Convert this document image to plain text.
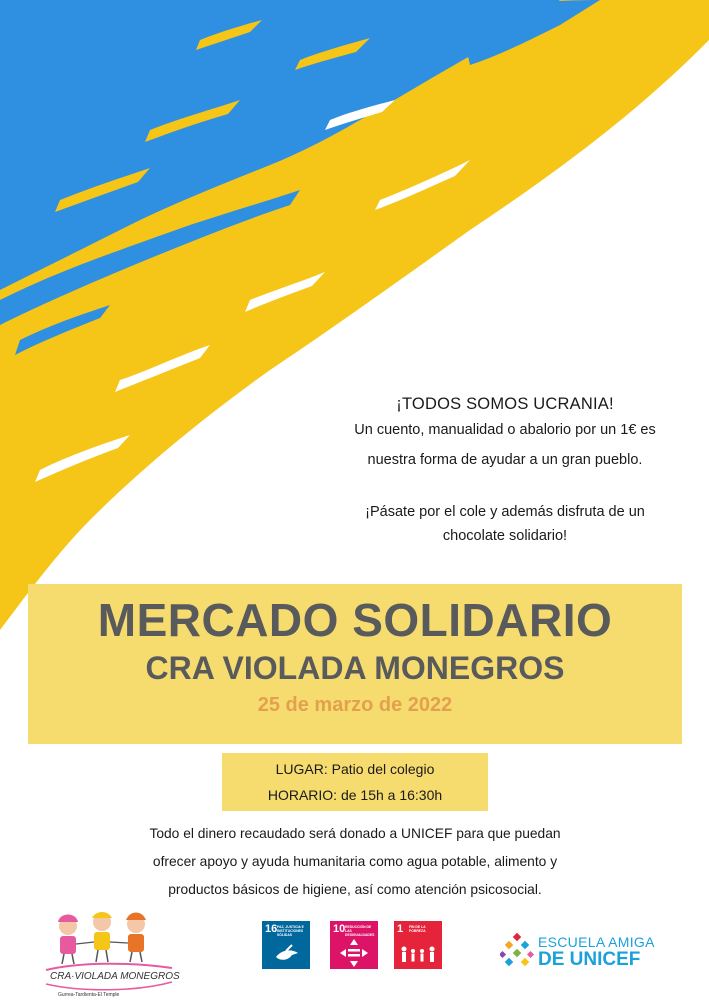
¡TODOS SOMOS UCRANIA!

Un cuento, manualidad o abalorio por un 1€ es

nuestra forma de ayudar a un gran pueblo.

¡Pásate por el cole y además disfruta de un

chocolate solidario!

MERCADO SOLIDARIO
CRA VIOLADA MONEGROS
25 de marzo de 2022
LUGAR: Patio del colegio
HORARIO: de 15h a 16:30h
Todo el dinero recaudado será donado a UNICEF para que puedan
ofrecer apoyo y ayuda humanitaria como agua potable, alimento y
productos básicos de higiene, así como atención psicosocial.
CRA·VIOLADA MONEGROS
Gurrea-Tardienta-El Temple
16 PAZ, JUSTICIA E INSTITUCIONES SÓLIDAS	10 REDUCCIÓN DE LAS DESIGUALDADES 1 FIN DE LA POBREZA
ESCUELA AMIGA
DE UNICEF
